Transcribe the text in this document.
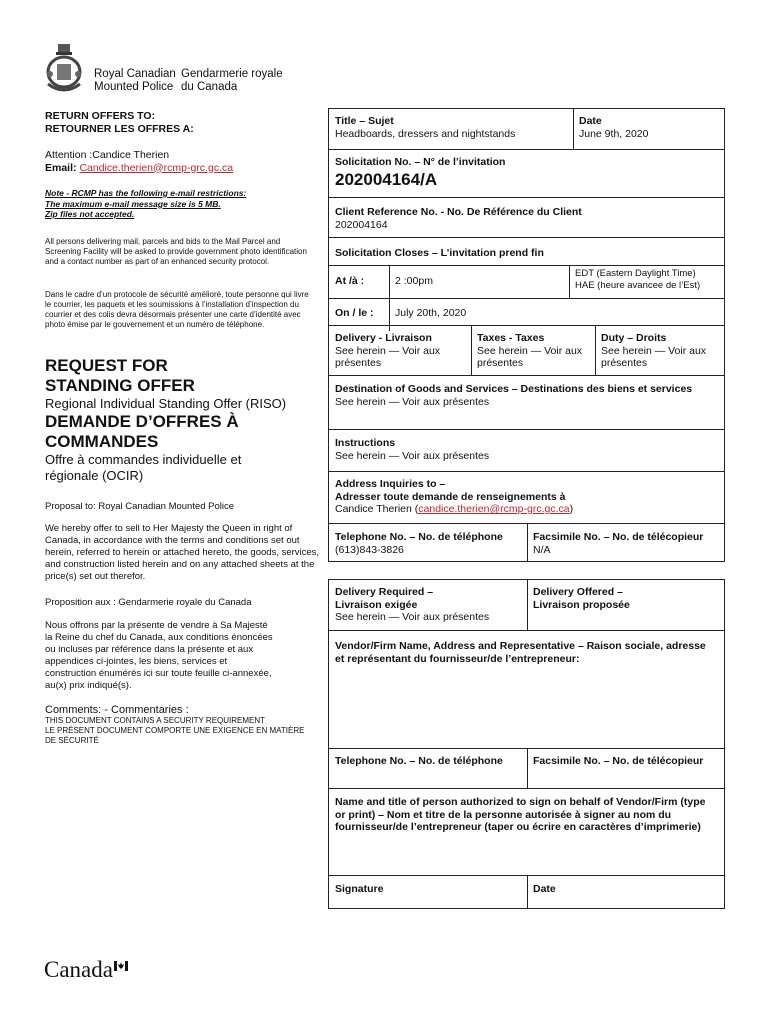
Royal Canadian
Mounted Police
Gendarmerie royale
du Canada
RETURN OFFERS TO:
RETOURNER LES OFFRES A:
Attention :Candice Therien
Email: Candice.therien@rcmp-grc.gc.ca
Note - RCMP has the following e-mail restrictions:
The maximum e-mail message size is 5 MB.
Zip files not accepted.
All persons delivering mail, parcels and bids to the Mail Parcel and Screening Facility will be asked to provide government photo identification and a contact number as part of an enhanced security protocol.
Dans le cadre d’un protocole de sécurité amélioré, toute personne qui livre le courrier, les paquets et les soumissions à l’installation d’inspection du courrier et des colis devra désormais présenter une carte d’identité avec photo émise par le gouvernement et un numéro de téléphone.
REQUEST FOR
STANDING OFFER
Regional Individual Standing Offer (RISO)
DEMANDE D’OFFRES À
COMMANDES
Offre à commandes individuelle et
régionale (OCIR)
Proposal to: Royal Canadian Mounted Police
We hereby offer to sell to Her Majesty the Queen in right of Canada, in accordance with the terms and conditions set out herein, referred to herein or attached hereto, the goods, services, and construction listed herein and on any attached sheets at the price(s) set out therefor.
Proposition aux : Gendarmerie royale du Canada
Nous offrons par la présente de vendre à Sa Majesté la Reine du chef du Canada, aux conditions énoncées ou incluses par référence dans la présente et aux appendices ci-jointes, les biens, services et construction énumérés ici sur toute feuille ci-annexée, au(x) prix indiqué(s).
Comments: - Commentaries :
THIS DOCUMENT CONTAINS A SECURITY REQUIREMENT
LE PRÉSENT DOCUMENT COMPORTE UNE EXIGENCE EN MATIÈRE DE SÉCURITÉ
Title – Sujet
Headboards, dressers and nightstands
Date
June 9th, 2020
Solicitation No. – N° de l’invitation
202004164/A
Client Reference No. - No. De Référence du Client
202004164
Solicitation Closes – L’invitation prend fin
At /à :	2 :00pm
EDT (Eastern Daylight Time)
HAE (heure avancee de l’Est)
On / le :	July 20th, 2020
Delivery - Livraison
See herein — Voir aux présentes
Taxes - Taxes
See herein — Voir aux présentes
Duty – Droits
See herein — Voir aux présentes
Destination of Goods and Services – Destinations des biens et services
See herein — Voir aux présentes
Instructions
See herein — Voir aux présentes
Address Inquiries to –
Adresser toute demande de renseignements à
Candice Therien (candice.therien@rcmp-grc.gc.ca)
Telephone No. – No. de téléphone
(613)843-3826
Facsimile No. – No. de télécopieur
N/A
Delivery Required –
Livraison exigée
See herein — Voir aux présentes
Delivery Offered –
Livraison proposée
Vendor/Firm Name, Address and Representative – Raison sociale, adresse et représentant du fournisseur/de l’entrepreneur:
Telephone No. – No. de téléphone	Facsimile No. – No. de télécopieur
Name and title of person authorized to sign on behalf of Vendor/Firm (type or print) – Nom et titre de la personne autorisée à signer au nom du fournisseur/de l’entrepreneur (taper ou écrire en caractères d’imprimerie)
Signature	Date
Canada
